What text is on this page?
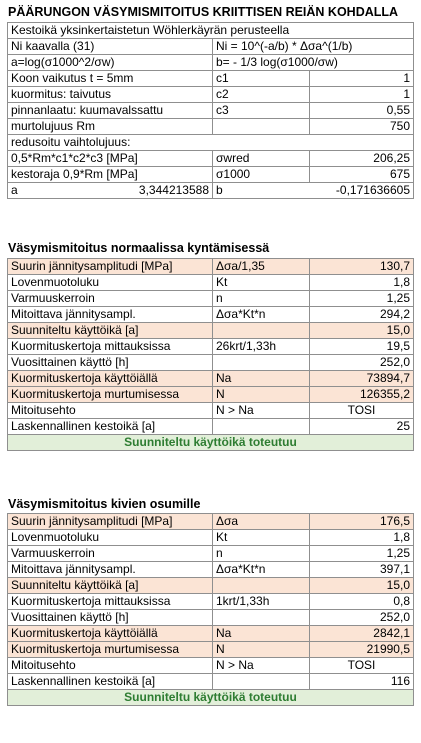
PÄÄRUNGON VÄSYMISMITOITUS KRIITTISEN REIÄN KOHDALLA
Kestoikä yksinkertaistetun Wöhlerkäyrän perusteella		
Ni kaavalla (31)	Ni = 10^(-a/b) * Δσa^(1/b)	
a=log(σ1000^2/σw)	b= - 1/3 log(σ1000/σw)	
Koon vaikutus t = 5mm	c1	1
kuormitus: taivutus	c2	1
pinnanlaatu: kuumavalssattu	c3	0,55
murtolujuus Rm		750
redusoitu vaihtolujuus:		
0,5*Rm*c1*c2*c3 [MPa]	σwred	206,25
kestoraja 0,9*Rm [MPa]	σ1000	675

a 3,344213588	b -0,171636605	
Väsymismitoitus normaalissa kyntämisessä
Suurin jännitysamplitudi [MPa]	Δσa/1,35	130,7
Lovenmuotoluku	Kt	1,8
Varmuuskerroin	n	1,25
Mitoittava jännitysampl.	Δσa*Kt*n	294,2
Suunniteltu käyttöikä [a]		15,0
Kuormituskertoja mittauksissa	26krt/1,33h	19,5
Vuosittainen käyttö [h]		252,0
Kuormituskertoja käyttöiällä	Na	73894,7
Kuormituskertoja murtumisessa	N	126355,2
Mitoitusehto	N > Na	TOSI
Laskennallinen kestoikä [a]		25
Suunniteltu käyttöikä toteutuu		
Väsymismitoitus kivien osumille
Suurin jännitysamplitudi [MPa]	Δσa	176,5
Lovenmuotoluku	Kt	1,8
Varmuuskerroin	n	1,25
Mitoittava jännitysampl.	Δσa*Kt*n	397,1
Suunniteltu käyttöikä [a]		15,0
Kuormituskertoja mittauksissa	1krt/1,33h	0,8
Vuosittainen käyttö [h]		252,0
Kuormituskertoja käyttöiällä	Na	2842,1
Kuormituskertoja murtumisessa	N	21990,5
Mitoitusehto	N > Na	TOSI
Laskennallinen kestoikä [a]		116
Suunniteltu käyttöikä toteutuu		
